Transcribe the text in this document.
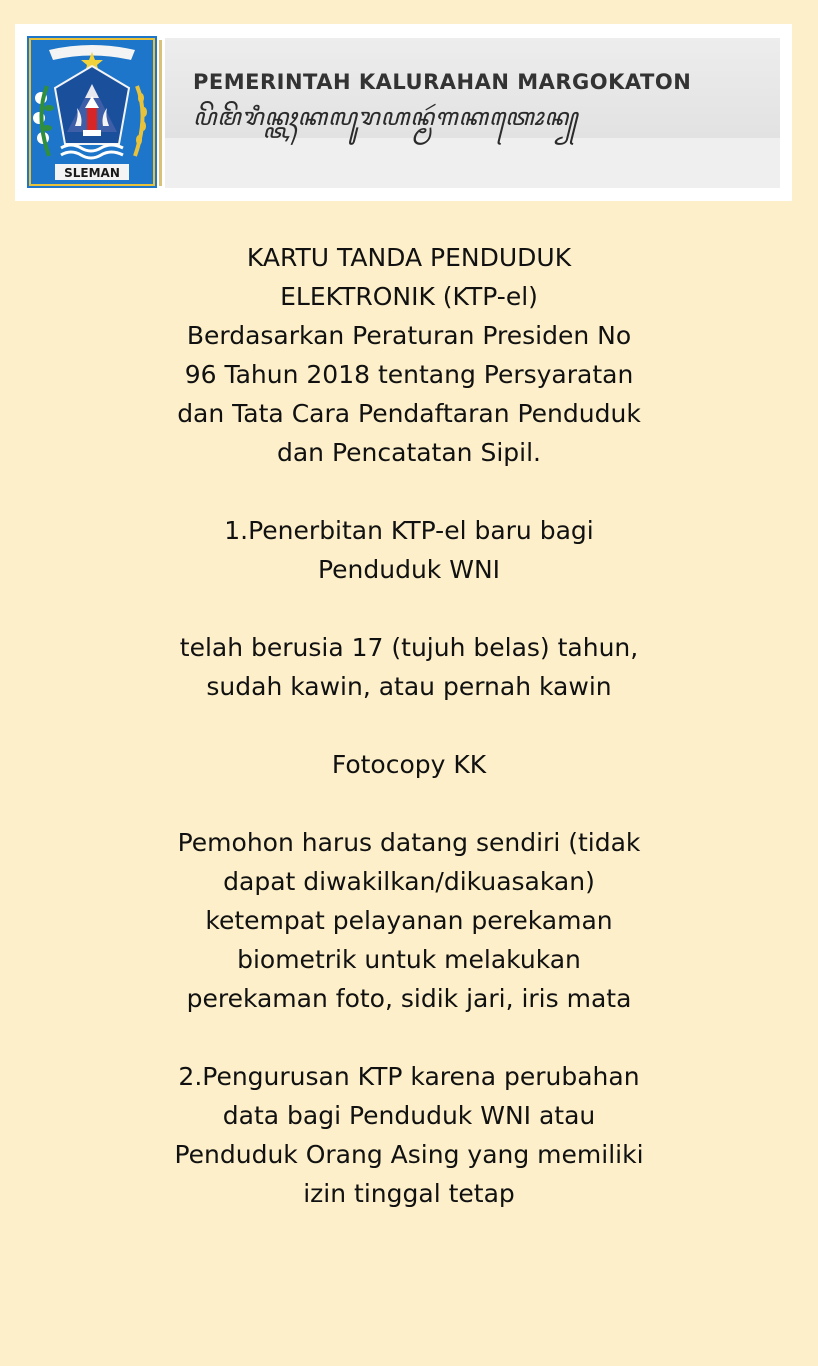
SLEMAN
PEMERINTAH KALURAHAN MARGOKATON
ꦥꦼꦩꦼꦫꦶꦤ꧀ꦠꦃꦏꦭꦸꦫꦲꦤ꧀ꦩꦂꦒꦏꦠꦺꦴꦤ꧀
KARTU TANDA PENDUDUK
ELEKTRONIK (KTP-el)
Berdasarkan Peraturan Presiden No
96 Tahun 2018 tentang Persyaratan
dan Tata Cara Pendaftaran Penduduk
dan Pencatatan Sipil.
1.Penerbitan KTP-el baru bagi
Penduduk WNI
telah berusia 17 (tujuh belas) tahun,
sudah kawin, atau pernah kawin
Fotocopy KK
Pemohon harus datang sendiri (tidak
dapat diwakilkan/dikuasakan)
ketempat pelayanan perekaman
biometrik untuk melakukan
perekaman foto, sidik jari, iris mata
2.Pengurusan KTP karena perubahan
data bagi Penduduk WNI atau
Penduduk Orang Asing yang memiliki
izin tinggal tetap
